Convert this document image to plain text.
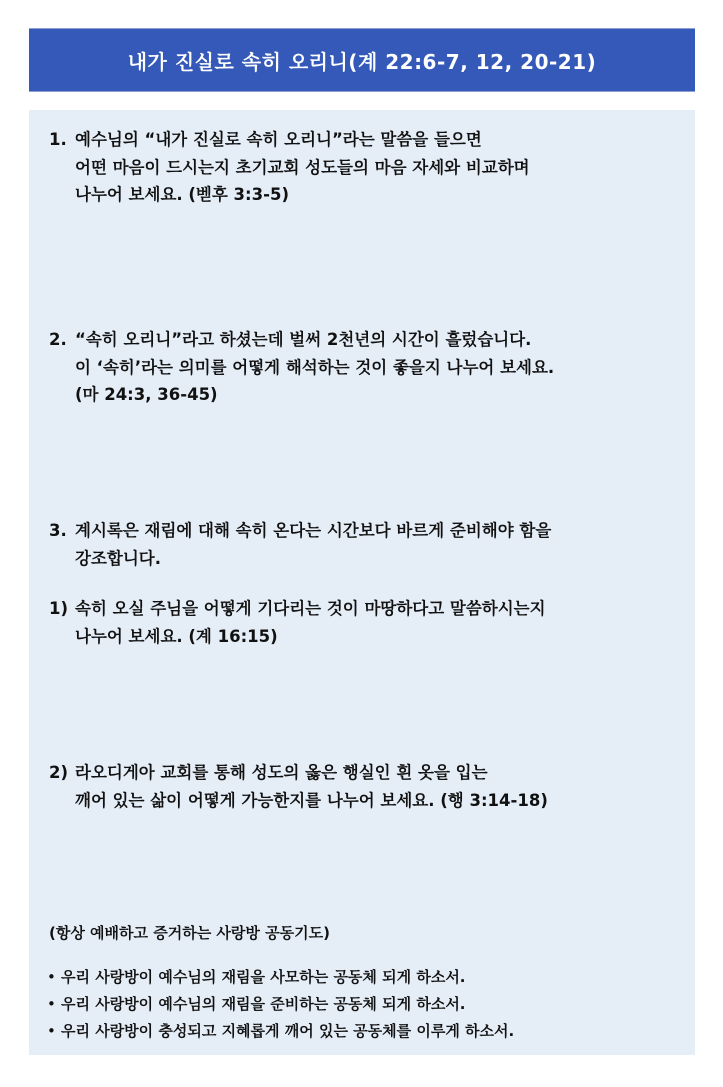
내가 진실로 속히 오리니(계 22:6-7, 12, 20-21)
1. 예수님의 “내가 진실로 속히 오리니”라는 말씀을 들으면
어떤 마음이 드시는지 초기교회 성도들의 마음 자세와 비교하며
나누어 보세요. (벧후 3:3-5)
2. “속히 오리니”라고 하셨는데 벌써 2천년의 시간이 흘렀습니다.
이 ‘속히’라는 의미를 어떻게 해석하는 것이 좋을지 나누어 보세요.
(마 24:3, 36-45)
3. 계시록은 재림에 대해 속히 온다는 시간보다 바르게 준비해야 함을
강조합니다.
1) 속히 오실 주님을 어떻게 기다리는 것이 마땅하다고 말씀하시는지
나누어 보세요. (계 16:15)
2) 라오디게아 교회를 통해 성도의 옳은 행실인 흰 옷을 입는
깨어 있는 삶이 어떻게 가능한지를 나누어 보세요. (행 3:14-18)
(항상 예배하고 증거하는 사랑방 공동기도)
• 우리 사랑방이 예수님의 재림을 사모하는 공동체 되게 하소서.
• 우리 사랑방이 예수님의 재림을 준비하는 공동체 되게 하소서.
• 우리 사랑방이 충성되고 지혜롭게 깨어 있는 공동체를 이루게 하소서.
